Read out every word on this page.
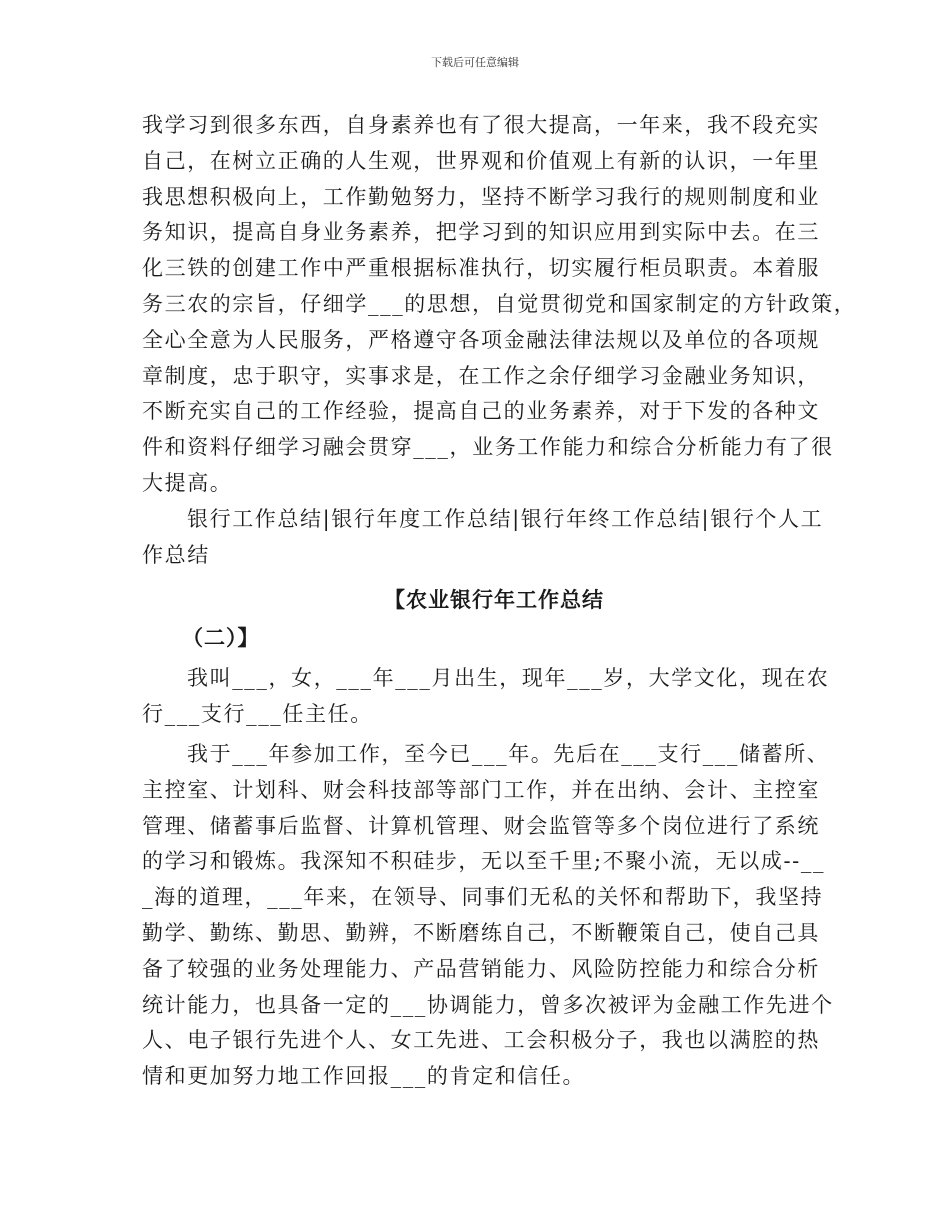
下载后可任意编辑
我学习到很多东西，自身素养也有了很大提高，一年来，我不段充实
自己，在树立正确的人生观，世界观和价值观上有新的认识，一年里
我思想积极向上，工作勤勉努力，坚持不断学习我行的规则制度和业
务知识，提高自身业务素养，把学习到的知识应用到实际中去。在三
化三铁的创建工作中严重根据标准执行，切实履行柜员职责。本着服
务三农的宗旨，仔细学___的思想，自觉贯彻党和国家制定的方针政策，
全心全意为人民服务，严格遵守各项金融法律法规以及单位的各项规
章制度，忠于职守，实事求是，在工作之余仔细学习金融业务知识，
不断充实自己的工作经验，提高自己的业务素养，对于下发的各种文
件和资料仔细学习融会贯穿___，业务工作能力和综合分析能力有了很
大提高。
银行工作总结|银行年度工作总结|银行年终工作总结|银行个人工
作总结
【农业银行年工作总结
（二）】
我叫___，女，___年___月出生，现年___岁，大学文化，现在农
行___支行___任主任。
我于___年参加工作，至今已___年。先后在___支行___储蓄所、
主控室、计划科、财会科技部等部门工作，并在出纳、会计、主控室
管理、储蓄事后监督、计算机管理、财会监管等多个岗位进行了系统
的学习和锻炼。我深知不积硅步，无以至千里;不聚小流，无以成--__
_海的道理，___年来，在领导、同事们无私的关怀和帮助下，我坚持
勤学、勤练、勤思、勤辨，不断磨练自己，不断鞭策自己，使自己具
备了较强的业务处理能力、产品营销能力、风险防控能力和综合分析
统计能力，也具备一定的___协调能力，曾多次被评为金融工作先进个
人、电子银行先进个人、女工先进、工会积极分子，我也以满腔的热
情和更加努力地工作回报___的肯定和信任。
